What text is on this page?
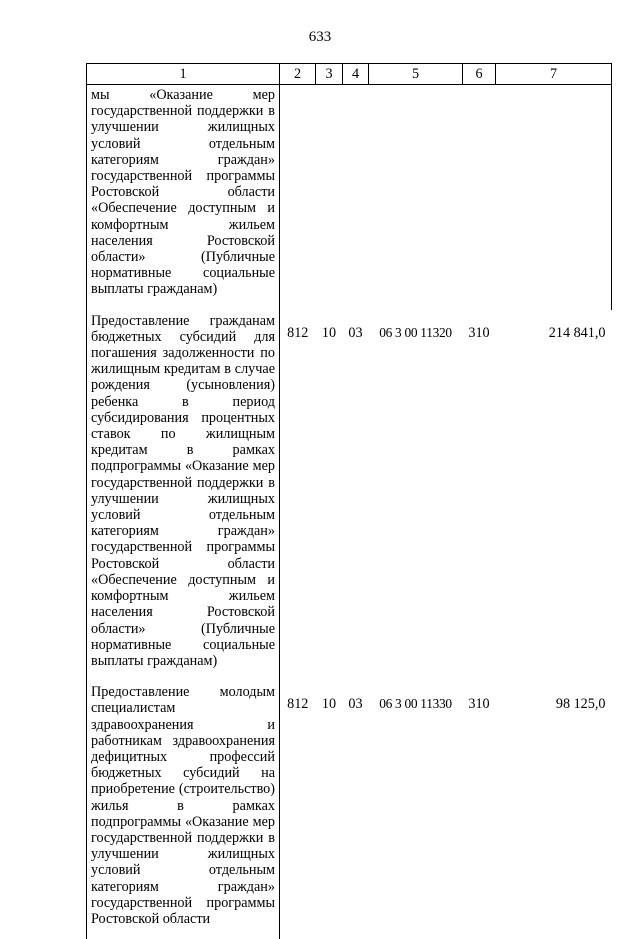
633
1	2	3	4	5	6	7
мы «Оказание мер государственной поддержки в улучшении жилищных условий отдельным категориям граждан» государственной программы Ростовской области «Обеспечение доступным и комфортным жильем населения Ростовской области» (Публичные нормативные социальные выплаты гражданам)						
Предоставление гражданам бюджетных субсидий для погашения задолженности по жилищным кредитам в случае рождения (усыновления) ребенка в период субсидирования процентных ставок по жилищным кредитам в рамках подпрограммы «Оказание мер государственной поддержки в улучшении жилищных условий отдельным категориям граждан» государственной программы Ростовской области «Обеспечение доступным и комфортным жильем населения Ростовской области» (Публичные нормативные социальные выплаты гражданам)	812	10	03	06 3 00 11320	310	214 841,0
Предоставление молодым специалистам здравоохранения и работникам здравоохранения дефицитных профессий бюджетных субсидий на приобретение (строительство) жилья в рамках подпрограммы «Оказание мер государственной поддержки в улучшении жилищных условий отдельным категориям граждан» государственной программы Ростовской области	812	10	03	06 3 00 11330	310	98 125,0
